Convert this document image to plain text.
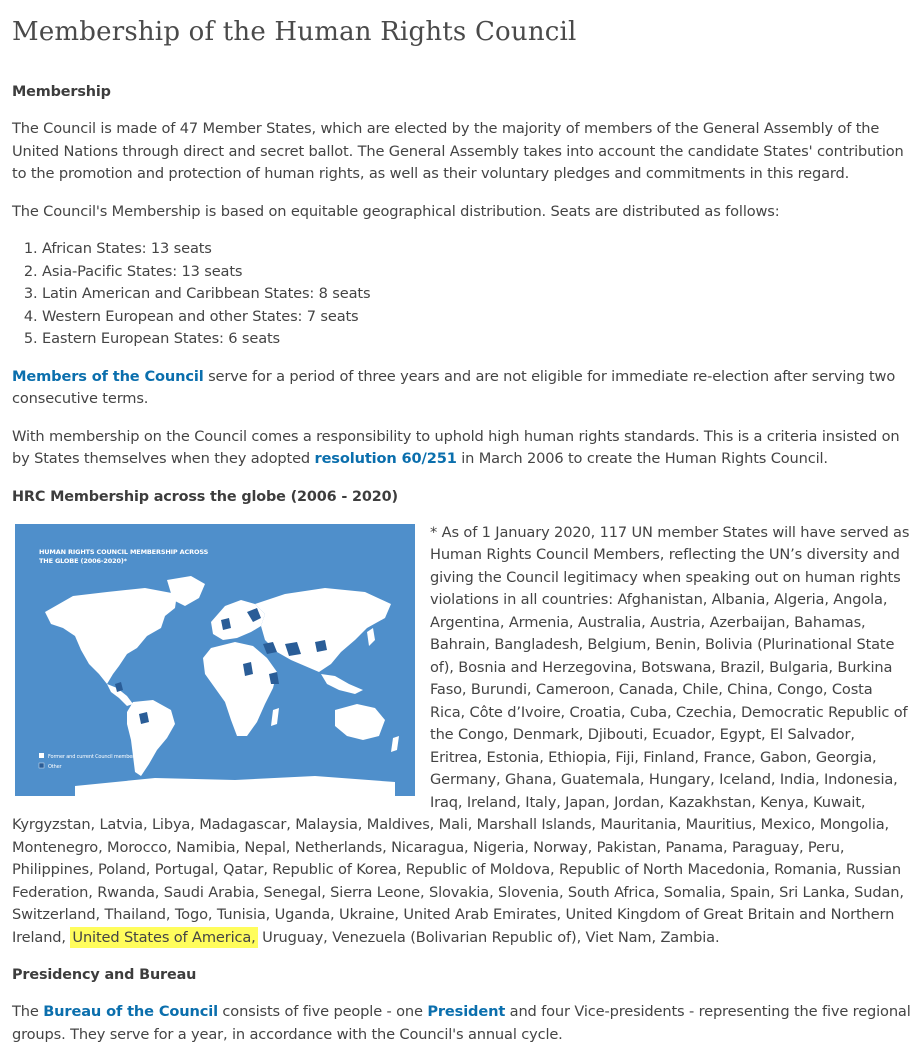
Membership of the Human Rights Council
Membership

The Council is made of 47 Member States, which are elected by the majority of members of the General Assembly of the United Nations through direct and secret ballot. The General Assembly takes into account the candidate States' contribution to the promotion and protection of human rights, as well as their voluntary pledges and commitments in this regard.

The Council's Membership is based on equitable geographical distribution. Seats are distributed as follows:

1. African States: 13 seats
2. Asia-Pacific States: 13 seats
3. Latin American and Caribbean States: 8 seats
4. Western European and other States: 7 seats
5. Eastern European States: 6 seats

Members of the Council serve for a period of three years and are not eligible for immediate re-election after serving two consecutive terms.

With membership on the Council comes a responsibility to uphold high human rights standards. This is a criteria insisted on by States themselves when they adopted resolution 60/251 in March 2006 to create the Human Rights Council.

HRC Membership across the globe (2006 - 2020)
HUMAN RIGHTS COUNCIL MEMBERSHIP ACROSS
THE GLOBE (2006-2020)*
Former and current Council members
Other

* As of 1 January 2020, 117 UN member States will have served as Human Rights Council Members, reflecting the UN’s diversity and giving the Council legitimacy when speaking out on human rights violations in all countries: Afghanistan, Albania, Algeria, Angola, Argentina, Armenia, Australia, Austria, Azerbaijan, Bahamas, Bahrain, Bangladesh, Belgium, Benin, Bolivia (Plurinational State of), Bosnia and Herzegovina, Botswana, Brazil, Bulgaria, Burkina Faso, Burundi, Cameroon, Canada, Chile, China, Congo, Costa Rica, Côte d’Ivoire, Croatia, Cuba, Czechia, Democratic Republic of the Congo, Denmark, Djibouti, Ecuador, Egypt, El Salvador, Eritrea, Estonia, Ethiopia, Fiji, Finland, France, Gabon, Georgia, Germany, Ghana, Guatemala, Hungary, Iceland, India, Indonesia, Iraq, Ireland, Italy, Japan, Jordan, Kazakhstan, Kenya, Kuwait, Kyrgyzstan, Latvia, Libya, Madagascar, Malaysia, Maldives, Mali, Marshall Islands, Mauritania, Mauritius, Mexico, Mongolia, Montenegro, Morocco, Namibia, Nepal, Netherlands, Nicaragua, Nigeria, Norway, Pakistan, Panama, Paraguay, Peru, Philippines, Poland, Portugal, Qatar, Republic of Korea, Republic of Moldova, Republic of North Macedonia, Romania, Russian Federation, Rwanda, Saudi Arabia, Senegal, Sierra Leone, Slovakia, Slovenia, South Africa, Somalia, Spain, Sri Lanka, Sudan, Switzerland, Thailand, Togo, Tunisia, Uganda, Ukraine, United Arab Emirates, United Kingdom of Great Britain and Northern Ireland, United States of America, Uruguay, Venezuela (Bolivarian Republic of), Viet Nam, Zambia.

Presidency and Bureau

The Bureau of the Council consists of five people - one President and four Vice-presidents - representing the five regional groups. They serve for a year, in accordance with the Council's annual cycle.
